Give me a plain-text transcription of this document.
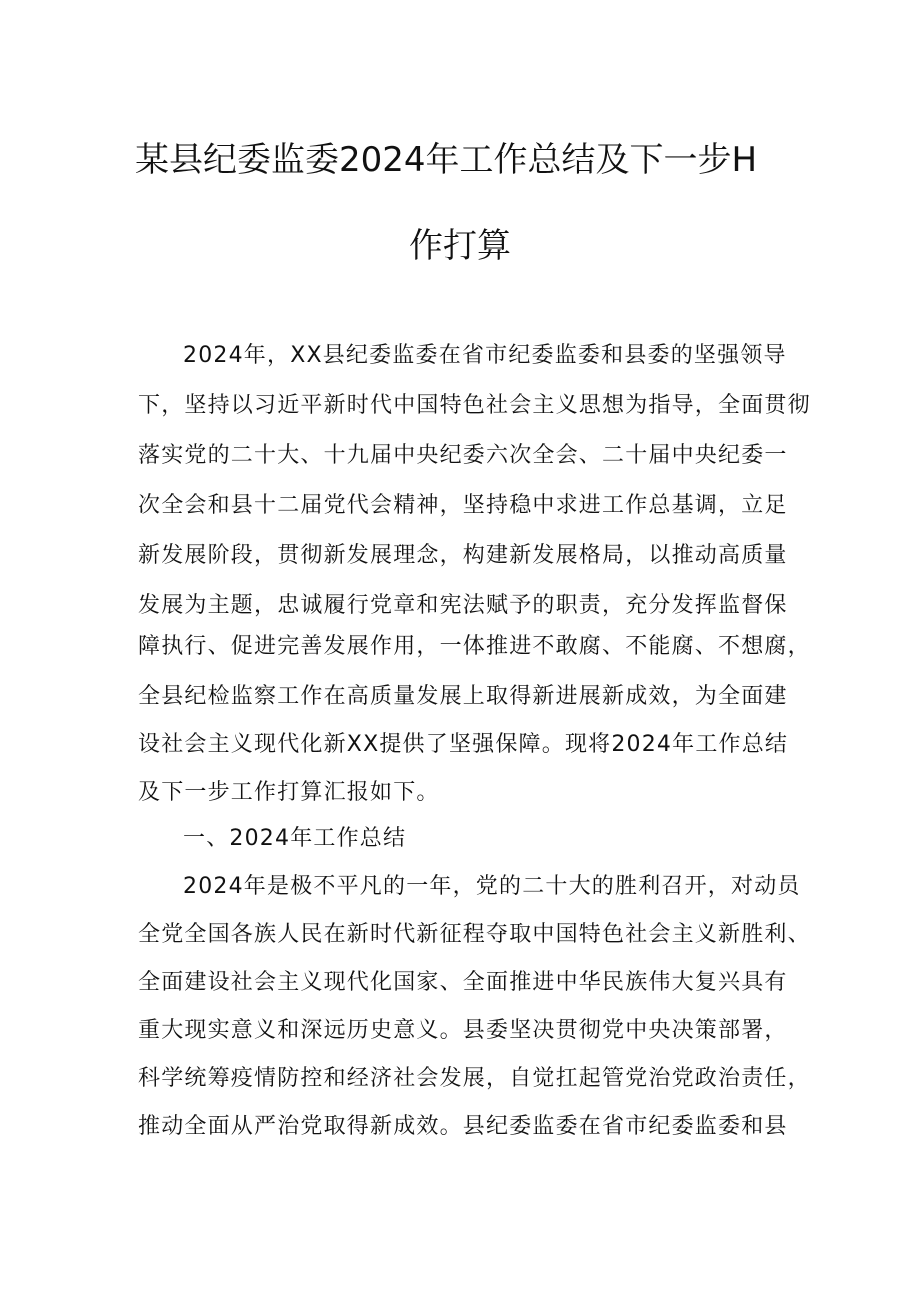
某县纪委监委2024年工作总结及下一步H
作打算
2024年，XX县纪委监委在省市纪委监委和县委的坚强领导
下，坚持以习近平新时代中国特色社会主义思想为指导，全面贯彻
落实党的二十大、十九届中央纪委六次全会、二十届中央纪委一
次全会和县十二届党代会精神，坚持稳中求进工作总基调，立足
新发展阶段，贯彻新发展理念，构建新发展格局，以推动高质量
发展为主题，忠诚履行党章和宪法赋予的职责，充分发挥监督保
障执行、促进完善发展作用，一体推进不敢腐、不能腐、不想腐，
全县纪检监察工作在高质量发展上取得新进展新成效，为全面建
设社会主义现代化新XX提供了坚强保障。现将2024年工作总结
及下一步工作打算汇报如下。
一、2024年工作总结
2024年是极不平凡的一年，党的二十大的胜利召开，对动员
全党全国各族人民在新时代新征程夺取中国特色社会主义新胜利、
全面建设社会主义现代化国家、全面推进中华民族伟大复兴具有
重大现实意义和深远历史意义。县委坚决贯彻党中央决策部署，
科学统筹疫情防控和经济社会发展，自觉扛起管党治党政治责任，
推动全面从严治党取得新成效。县纪委监委在省市纪委监委和县
